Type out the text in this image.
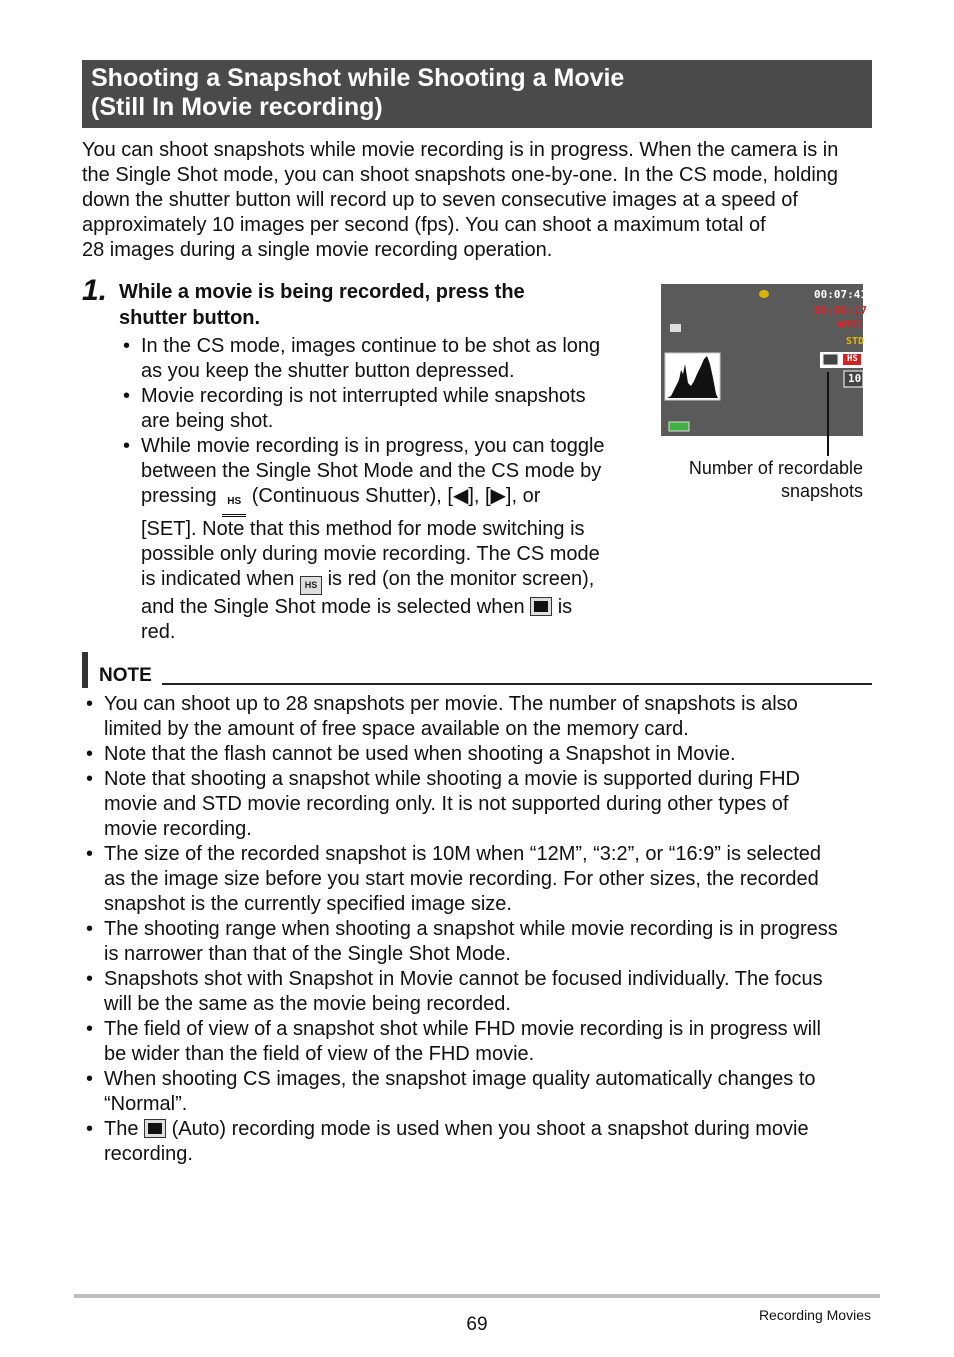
Shooting a Snapshot while Shooting a Movie
(Still In Movie recording)
You can shoot snapshots while movie recording is in progress. When the camera is in
the Single Shot mode, you can shoot snapshots one-by-one. In the CS mode, holding
down the shutter button will record up to seven consecutive images at a speed of
approximately 10 images per second (fps). You can shoot a maximum total of
28 images during a single movie recording operation.
1. While a movie is being recorded, press the
shutter button.
• In the CS mode, images continue to be shot as long
as you keep the shutter button depressed.
• Movie recording is not interrupted while snapshots
are being shot.
• While movie recording is in progress, you can toggle
between the Single Shot Mode and the CS mode by
pressing HS (Continuous Shutter), [◀], [▶], or
[SET]. Note that this method for mode switching is
possible only during movie recording. The CS mode
is indicated when HS is red (on the monitor screen),
and the Single Shot mode is selected when is
red.
00:07:41
00:00:17
●REC
STD
HS
10
Number of recordable
snapshots
NOTE
• You can shoot up to 28 snapshots per movie. The number of snapshots is also
limited by the amount of free space available on the memory card.
• Note that the flash cannot be used when shooting a Snapshot in Movie.
• Note that shooting a snapshot while shooting a movie is supported during FHD
movie and STD movie recording only. It is not supported during other types of
movie recording.
• The size of the recorded snapshot is 10M when “12M”, “3:2”, or “16:9” is selected
as the image size before you start movie recording. For other sizes, the recorded
snapshot is the currently specified image size.
• The shooting range when shooting a snapshot while movie recording is in progress
is narrower than that of the Single Shot Mode.
• Snapshots shot with Snapshot in Movie cannot be focused individually. The focus
will be the same as the movie being recorded.
• The field of view of a snapshot shot while FHD movie recording is in progress will
be wider than the field of view of the FHD movie.
• When shooting CS images, the snapshot image quality automatically changes to
“Normal”.
• The (Auto) recording mode is used when you shoot a snapshot during movie
recording.
69	Recording Movies
